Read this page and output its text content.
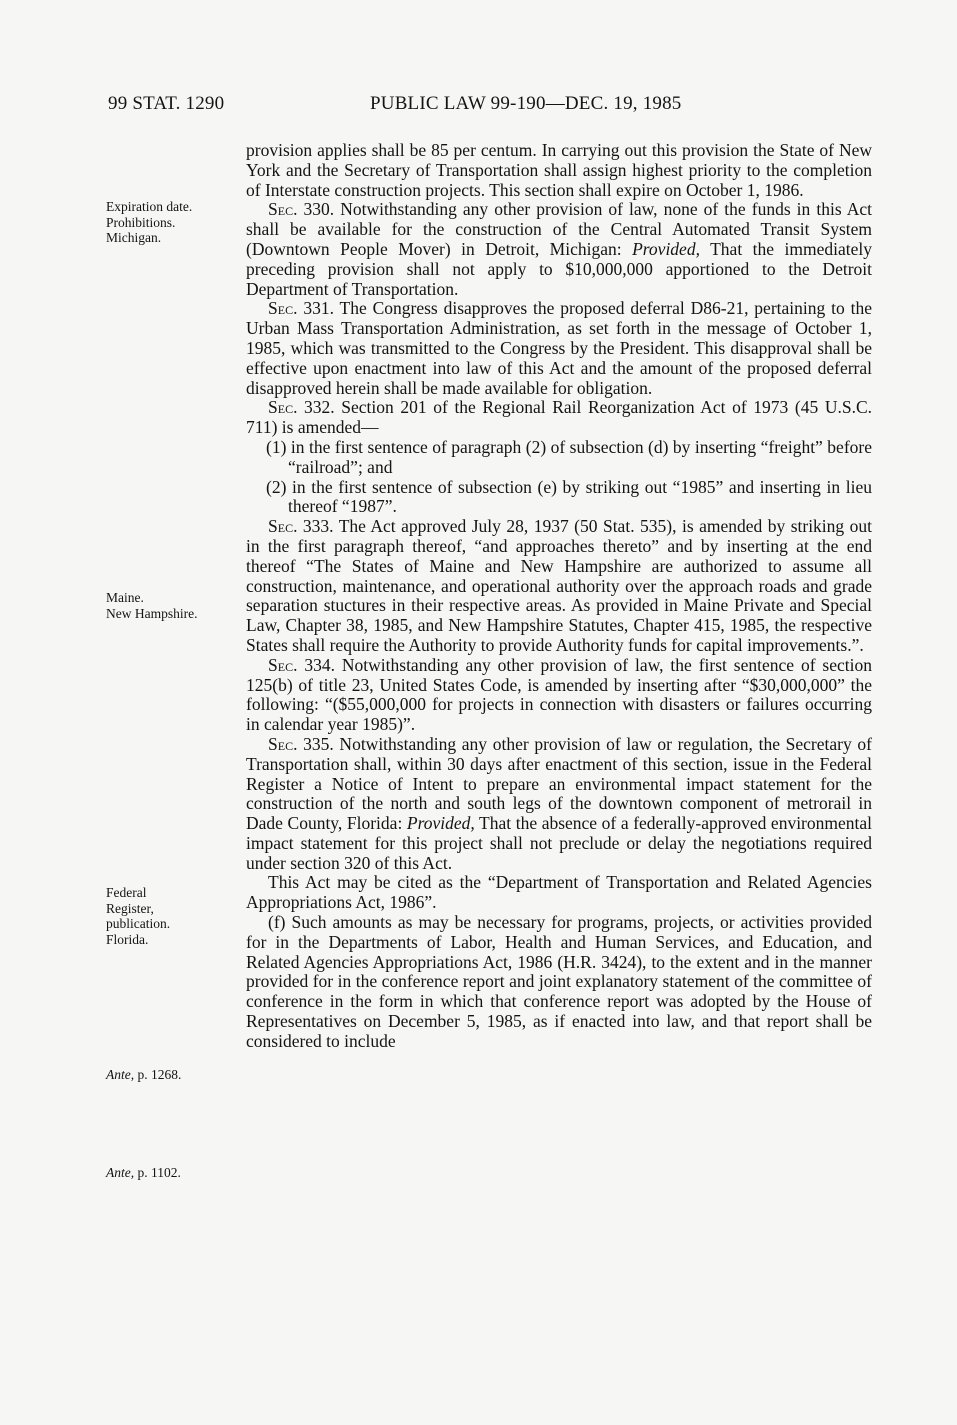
99 STAT. 1290	PUBLIC LAW 99-190—DEC. 19, 1985
Expiration date.
Prohibitions.
Michigan.
Maine.
New Hampshire.
Federal
Register,
publication.
Florida.
Ante, p. 1268.
Ante, p. 1102.

provision applies shall be 85 per centum. In carrying out this provision the State of New York and the Secretary of Transportation shall assign highest priority to the completion of Interstate construction projects. This section shall expire on October 1, 1986.

Sec. 330. Notwithstanding any other provision of law, none of the funds in this Act shall be available for the construction of the Central Automated Transit System (Downtown People Mover) in Detroit, Michigan: Provided, That the immediately preceding provision shall not apply to $10,000,000 apportioned to the Detroit Department of Transportation.

Sec. 331. The Congress disapproves the proposed deferral D86-21, pertaining to the Urban Mass Transportation Administration, as set forth in the message of October 1, 1985, which was transmitted to the Congress by the President. This disapproval shall be effective upon enactment into law of this Act and the amount of the proposed deferral disapproved herein shall be made available for obligation.

Sec. 332. Section 201 of the Regional Rail Reorganization Act of 1973 (45 U.S.C. 711) is amended—

(1) in the first sentence of paragraph (2) of subsection (d) by inserting “freight” before “railroad”; and
(2) in the first sentence of subsection (e) by striking out “1985” and inserting in lieu thereof “1987”.

Sec. 333. The Act approved July 28, 1937 (50 Stat. 535), is amended by striking out in the first paragraph thereof, “and approaches thereto” and by inserting at the end thereof “The States of Maine and New Hampshire are authorized to assume all construction, maintenance, and operational authority over the approach roads and grade separation stuctures in their respective areas. As provided in Maine Private and Special Law, Chapter 38, 1985, and New Hampshire Statutes, Chapter 415, 1985, the respective States shall require the Authority to provide Authority funds for capital improvements.”.

Sec. 334. Notwithstanding any other provision of law, the first sentence of section 125(b) of title 23, United States Code, is amended by inserting after “$30,000,000” the following: “($55,000,000 for projects in connection with disasters or failures occurring in calendar year 1985)”.

Sec. 335. Notwithstanding any other provision of law or regulation, the Secretary of Transportation shall, within 30 days after enactment of this section, issue in the Federal Register a Notice of Intent to prepare an environmental impact statement for the construction of the north and south legs of the downtown component of metrorail in Dade County, Florida: Provided, That the absence of a federally-approved environmental impact statement for this project shall not preclude or delay the negotiations required under section 320 of this Act.

This Act may be cited as the “Department of Transportation and Related Agencies Appropriations Act, 1986”.

(f) Such amounts as may be necessary for programs, projects, or activities provided for in the Departments of Labor, Health and Human Services, and Education, and Related Agencies Appropriations Act, 1986 (H.R. 3424), to the extent and in the manner provided for in the conference report and joint explanatory statement of the committee of conference in the form in which that conference report was adopted by the House of Representatives on December 5, 1985, as if enacted into law, and that report shall be considered to include
